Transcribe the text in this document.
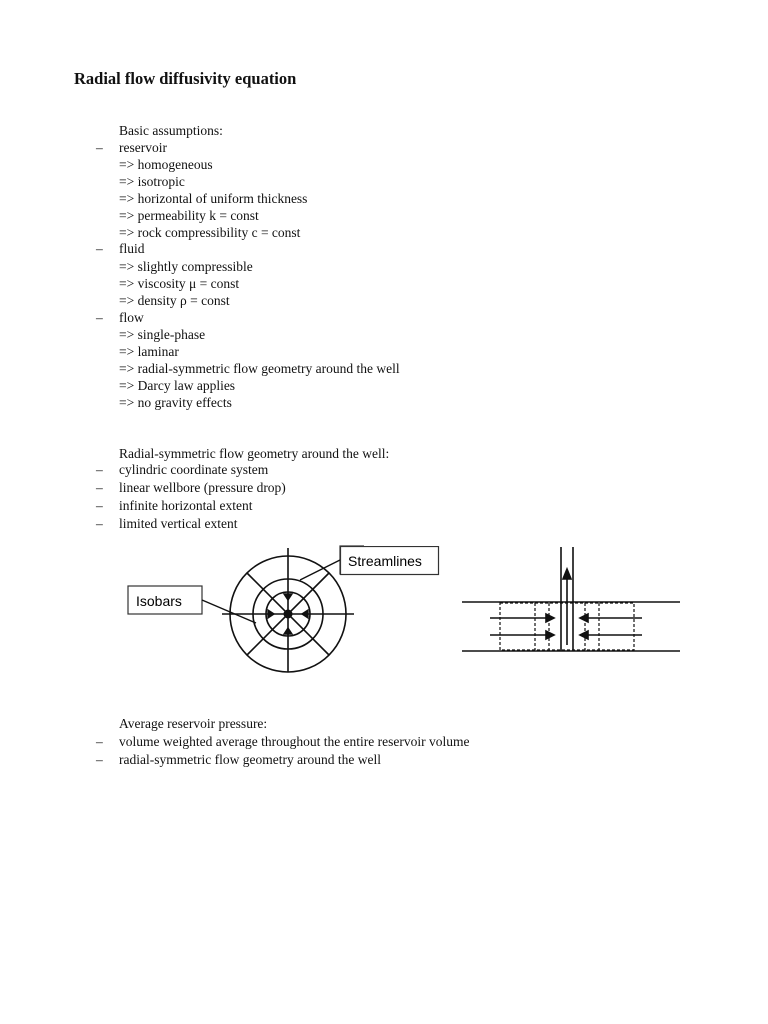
Radial flow diffusivity equation
Basic assumptions:
– reservoir
=> homogeneous
=> isotropic
=> horizontal of uniform thickness
=> permeability k = const
=> rock compressibility c = const
– fluid
=> slightly compressible
=> viscosity μ = const
=> density ρ = const
– flow
=> single-phase
=> laminar
=> radial-symmetric flow geometry around the well
=> Darcy law applies
=> no gravity effects
Radial-symmetric flow geometry around the well:
– cylindric coordinate system
– linear wellbore (pressure drop)
– infinite horizontal extent
– limited vertical extent
Isobars
Streamlines
Average reservoir pressure:
– volume weighted average throughout the entire reservoir volume
– radial-symmetric flow geometry around the well
